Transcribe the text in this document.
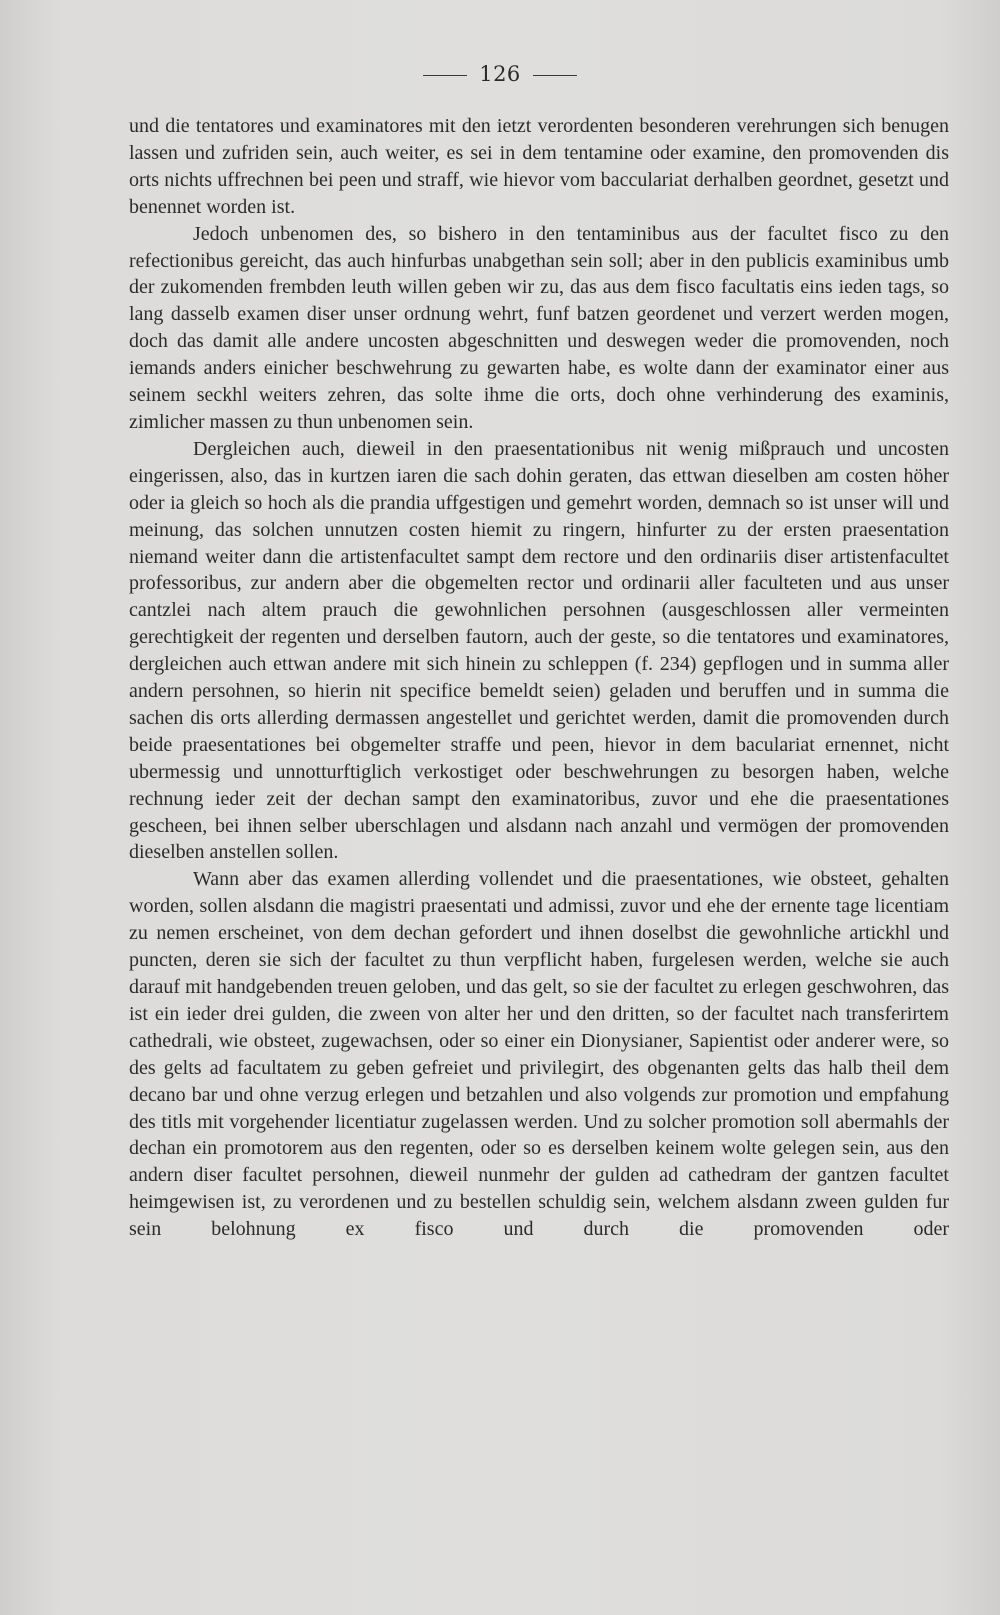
126

und die tentatores und examinatores mit den ietzt verordenten besonderen verehrungen sich benugen lassen und zufriden sein, auch weiter, es sei in dem tentamine oder examine, den promovenden dis orts nichts uffrechnen bei peen und straff, wie hievor vom bacculariat derhalben geordnet, gesetzt und benennet worden ist.

Jedoch unbenomen des, so bishero in den tentaminibus aus der facultet fisco zu den refectionibus gereicht, das auch hinfurbas unabgethan sein soll; aber in den publicis examinibus umb der zukomenden frembden leuth willen geben wir zu, das aus dem fisco facultatis eins ieden tags, so lang dasselb examen diser unser ordnung wehrt, funf batzen geordenet und verzert werden mogen, doch das damit alle andere uncosten abgeschnitten und deswegen weder die promovenden, noch iemands anders einicher beschwehrung zu gewarten habe, es wolte dann der examinator einer aus seinem seckhl weiters zehren, das solte ihme die orts, doch ohne verhinderung des examinis, zimlicher massen zu thun unbenomen sein.

Dergleichen auch, dieweil in den praesentationibus nit wenig mißprauch und uncosten eingerissen, also, das in kurtzen iaren die sach dohin geraten, das ettwan dieselben am costen höher oder ia gleich so hoch als die prandia uffgestigen und gemehrt worden, demnach so ist unser will und meinung, das solchen unnutzen costen hiemit zu ringern, hinfurter zu der ersten praesentation niemand weiter dann die artistenfacultet sampt dem rectore und den ordinariis diser artistenfacultet professoribus, zur andern aber die obgemelten rector und ordinarii aller faculteten und aus unser cantzlei nach altem prauch die gewohnlichen persohnen (ausgeschlossen aller vermeinten gerechtigkeit der regenten und derselben fautorn, auch der geste, so die tentatores und examinatores, dergleichen auch ettwan andere mit sich hinein zu schleppen (f. 234) gepflogen und in summa aller andern persohnen, so hierin nit specifice bemeldt seien) geladen und beruffen und in summa die sachen dis orts allerding dermassen angestellet und gerichtet werden, damit die promovenden durch beide praesentationes bei obgemelter straffe und peen, hievor in dem baculariat ernennet, nicht ubermessig und unnotturftiglich verkostiget oder beschwehrungen zu besorgen haben, welche rechnung ieder zeit der dechan sampt den examinatoribus, zuvor und ehe die praesentationes gescheen, bei ihnen selber uberschlagen und alsdann nach anzahl und vermögen der promovenden dieselben anstellen sollen.

Wann aber das examen allerding vollendet und die praesentationes, wie obsteet, gehalten worden, sollen alsdann die magistri praesentati und admissi, zuvor und ehe der ernente tage licentiam zu nemen erscheinet, von dem dechan gefordert und ihnen doselbst die gewohnliche artickhl und puncten, deren sie sich der facultet zu thun verpflicht haben, furgelesen werden, welche sie auch darauf mit handgebenden treuen geloben, und das gelt, so sie der facultet zu erlegen geschwohren, das ist ein ieder drei gulden, die zween von alter her und den dritten, so der facultet nach transferirtem cathedrali, wie obsteet, zugewachsen, oder so einer ein Dionysianer, Sapientist oder anderer were, so des gelts ad facultatem zu geben gefreiet und privilegirt, des obgenanten gelts das halb theil dem decano bar und ohne verzug erlegen und betzahlen und also volgends zur promotion und empfahung des titls mit vorgehender licentiatur zugelassen werden. Und zu solcher promotion soll abermahls der dechan ein promotorem aus den regenten, oder so es derselben keinem wolte gelegen sein, aus den andern diser facultet persohnen, dieweil nunmehr der gulden ad cathedram der gantzen facultet heimgewisen ist, zu verordenen und zu bestellen schuldig sein, welchem alsdann zween gulden fur sein belohnung ex fisco und durch die promovenden oder
